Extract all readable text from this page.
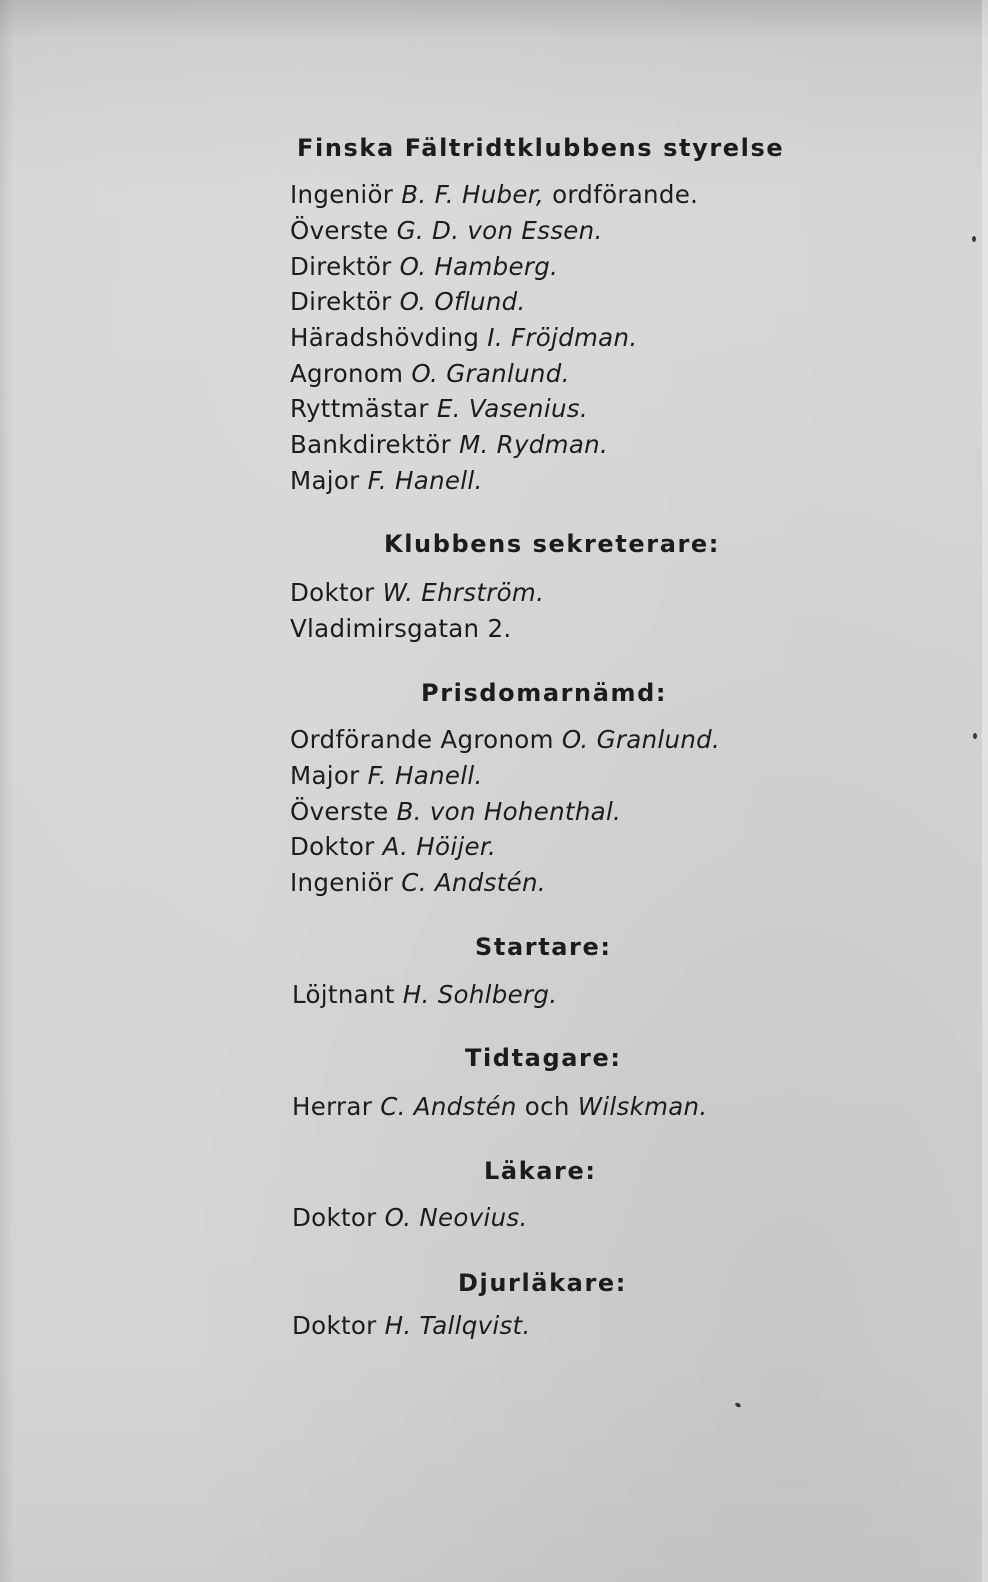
Finska Fältridtklubbens styrelse
Ingeniör B. F. Huber, ordförande.
Överste G. D. von Essen.
Direktör O. Hamberg.
Direktör O. Oflund.
Häradshövding I. Fröjdman.
Agronom O. Granlund.
Ryttmästar E. Vasenius.
Bankdirektör M. Rydman.
Major F. Hanell.
Klubbens sekreterare:
Doktor W. Ehrström.
Vladimirsgatan 2.
Prisdomarnämd:
Ordförande Agronom O. Granlund.
Major F. Hanell.
Överste B. von Hohenthal.
Doktor A. Höijer.
Ingeniör C. Andstén.
Startare:
Löjtnant H. Sohlberg.
Tidtagare:
Herrar C. Andstén och Wilskman.
Läkare:
Doktor O. Neovius.
Djurläkare:
Doktor H. Tallqvist.
